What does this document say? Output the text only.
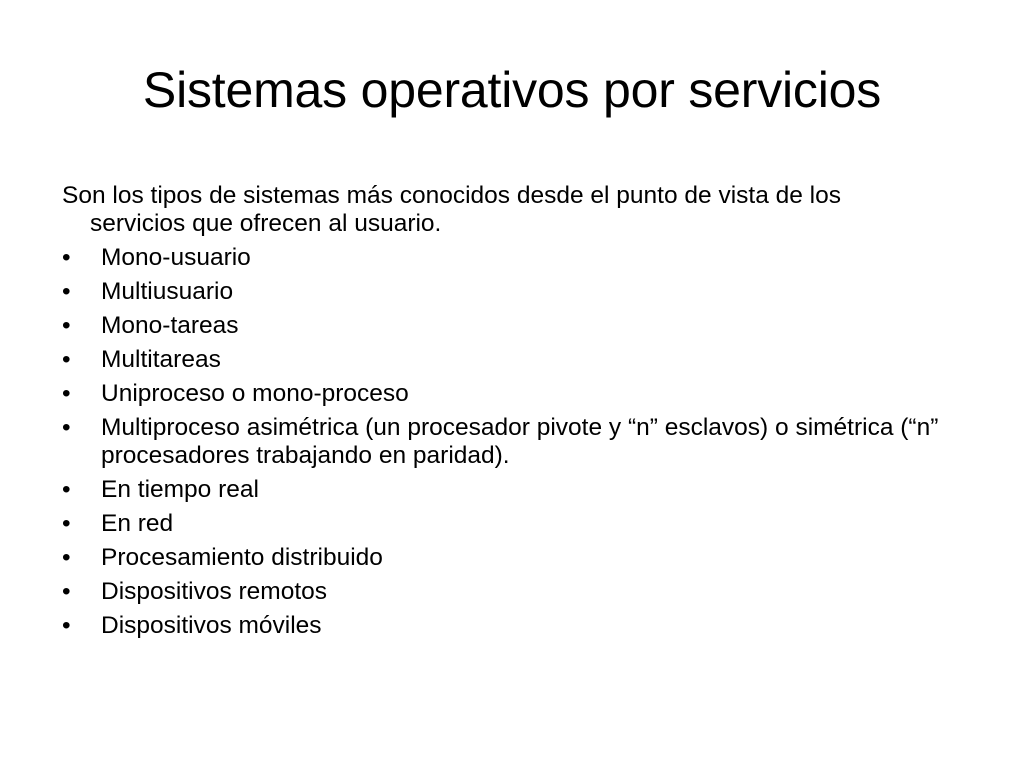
Sistemas operativos por servicios

Son los tipos de sistemas más conocidos desde el punto de vista de los servicios que ofrecen al usuario.

•	Mono-usuario
•	Multiusuario
•	Mono-tareas
•	Multitareas
•	Uniproceso o mono-proceso
•	Multiproceso asimétrica (un procesador pivote y “n” esclavos) o simétrica (“n” procesadores trabajando en paridad).
•	En tiempo real
•	En red
•	Procesamiento distribuido
•	Dispositivos remotos
•	Dispositivos móviles
